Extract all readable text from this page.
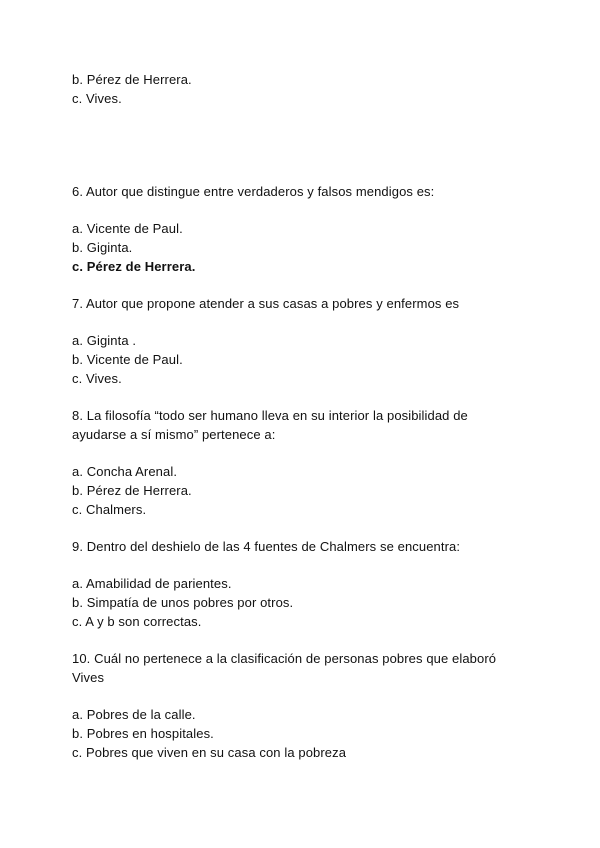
b. Pérez de Herrera.
c. Vives.
6. Autor que distingue entre verdaderos y falsos mendigos es:
a. Vicente de Paul.
b. Giginta.
c. Pérez de Herrera.
7. Autor que propone atender a sus casas a pobres y enfermos es
a. Giginta .
b. Vicente de Paul.
c. Vives.
8. La filosofía “todo ser humano lleva en su interior la posibilidad de
ayudarse a sí mismo” pertenece a:
a. Concha Arenal.
b. Pérez de Herrera.
c. Chalmers.
9. Dentro del deshielo de las 4 fuentes de Chalmers se encuentra:
a. Amabilidad de parientes.
b. Simpatía de unos pobres por otros.
c. A y b son correctas.
10. Cuál no pertenece a la clasificación de personas pobres que elaboró
Vives
a. Pobres de la calle.
b. Pobres en hospitales.
c. Pobres que viven en su casa con la pobreza
